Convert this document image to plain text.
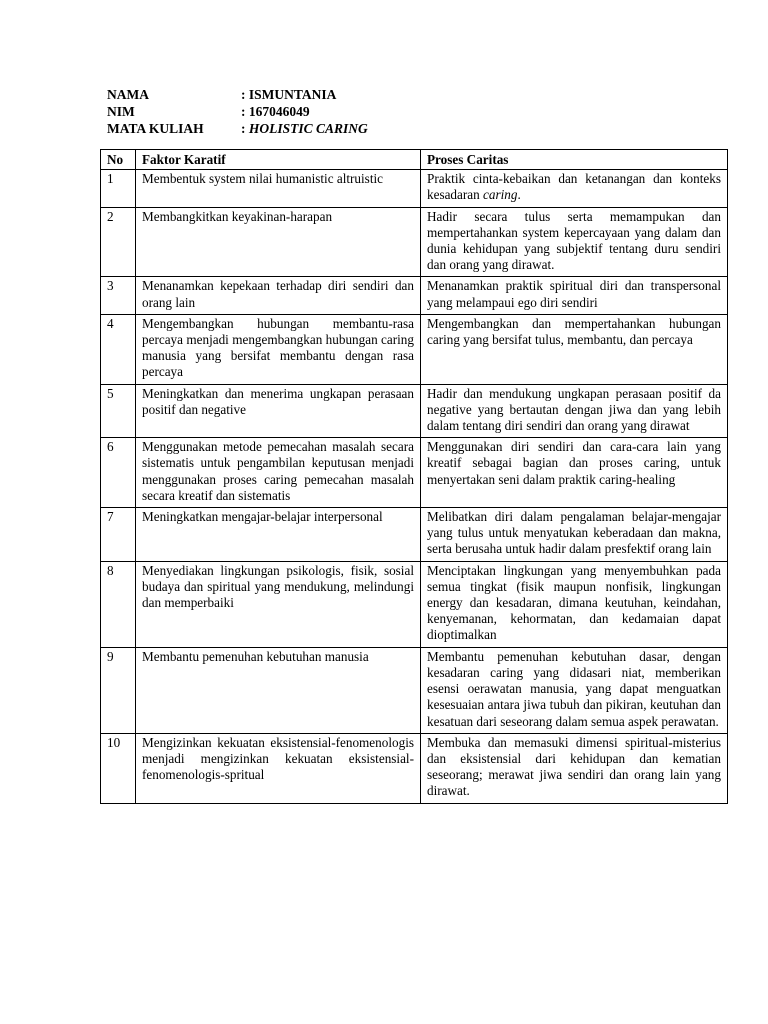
NAMA	: ISMUNTANIA
NIM	: 167046049
MATA KULIAH	: HOLISTIC CARING
No	Faktor Karatif	Proses Caritas
1	Membentuk system nilai humanistic altruistic	Praktik cinta-kebaikan dan ketanangan dan konteks kesadaran caring.
2	Membangkitkan keyakinan-harapan	Hadir secara tulus serta memampukan dan mempertahankan system kepercayaan yang dalam dan dunia kehidupan yang subjektif tentang duru sendiri dan orang yang dirawat.
3	Menanamkan kepekaan terhadap diri sendiri dan orang lain	Menanamkan praktik spiritual diri dan transpersonal yang melampaui ego diri sendiri
4	Mengembangkan hubungan membantu-rasa percaya menjadi mengembangkan hubungan caring manusia yang bersifat membantu dengan rasa percaya	Mengembangkan dan mempertahankan hubungan caring yang bersifat tulus, membantu, dan percaya
5	Meningkatkan dan menerima ungkapan perasaan positif dan negative	Hadir dan mendukung ungkapan perasaan positif da negative yang bertautan dengan jiwa dan yang lebih dalam tentang diri sendiri dan orang yang dirawat
6	Menggunakan metode pemecahan masalah secara sistematis untuk pengambilan keputusan menjadi menggunakan proses caring pemecahan masalah secara kreatif dan sistematis	Menggunakan diri sendiri dan cara-cara lain yang kreatif sebagai bagian dan proses caring, untuk menyertakan seni dalam praktik caring-healing
7	Meningkatkan mengajar-belajar interpersonal	Melibatkan diri dalam pengalaman belajar-mengajar yang tulus untuk menyatukan keberadaan dan makna, serta berusaha untuk hadir dalam presfektif orang lain
8	Menyediakan lingkungan psikologis, fisik, sosial budaya dan spiritual yang mendukung, melindungi dan memperbaiki	Menciptakan lingkungan yang menyembuhkan pada semua tingkat (fisik maupun nonfisik, lingkungan energy dan kesadaran, dimana keutuhan, keindahan, kenyemanan, kehormatan, dan kedamaian dapat dioptimalkan
9	Membantu pemenuhan kebutuhan manusia	Membantu pemenuhan kebutuhan dasar, dengan kesadaran caring yang didasari niat, memberikan esensi oerawatan manusia, yang dapat menguatkan kesesuaian antara jiwa tubuh dan pikiran, keutuhan dan kesatuan dari seseorang dalam semua aspek perawatan.
10	Mengizinkan kekuatan eksistensial-fenomenologis menjadi mengizinkan kekuatan eksistensial-fenomenologis-spritual	Membuka dan memasuki dimensi spiritual-misterius dan eksistensial dari kehidupan dan kematian seseorang; merawat jiwa sendiri dan orang lain yang dirawat.
